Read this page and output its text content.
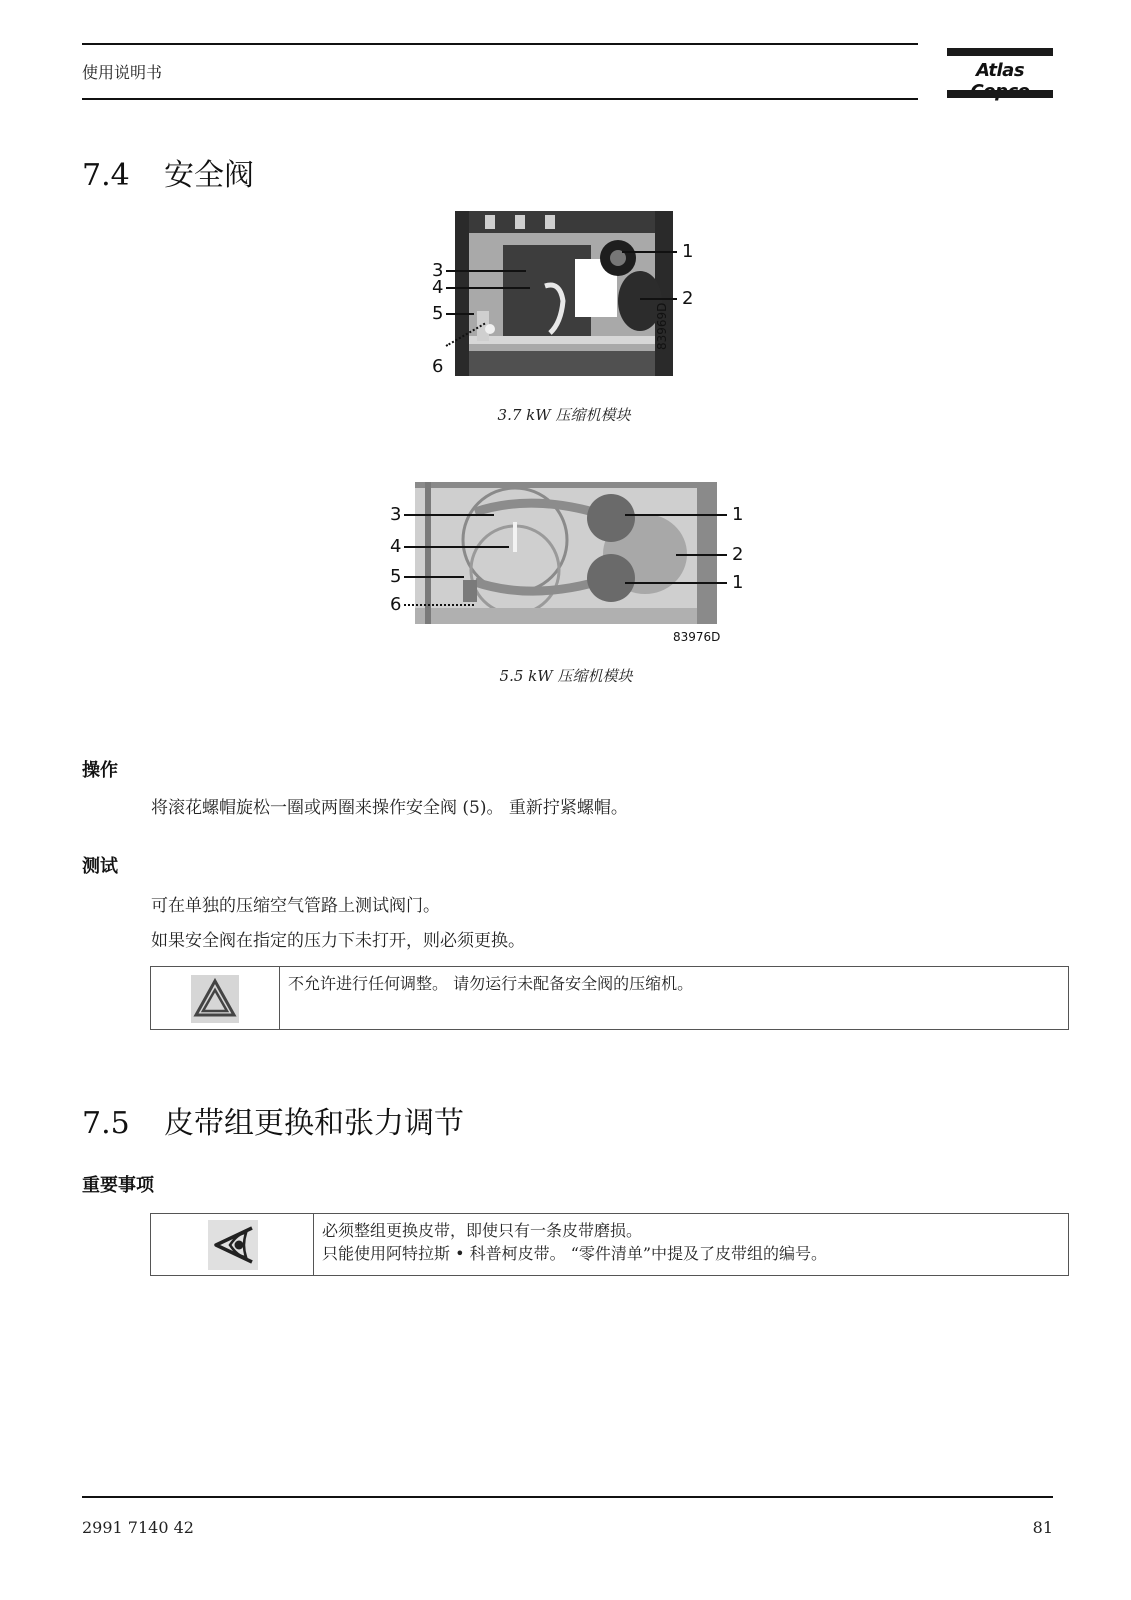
使用说明书	Atlas
7.4 安全阀
3
4
5
6
1
2
83969D
3.7 kW 压缩机模块
3
4
5
6
1
2
1
83976D
5.5 kW 压缩机模块
操作
将滚花螺帽旋松一圈或两圈来操作安全阀 (5)。 重新拧紧螺帽。
测试
可在单独的压缩空气管路上测试阀门。
如果安全阀在指定的压力下未打开，则必须更换。
不允许进行任何调整。 请勿运行未配备安全阀的压缩机。
7.5 皮带组更换和张力调节
重要事项
必须整组更换皮带，即使只有一条皮带磨损。
只能使用阿特拉斯 • 科普柯皮带。 “零件清单”中提及了皮带组的编号。
2991 7140 42	81
